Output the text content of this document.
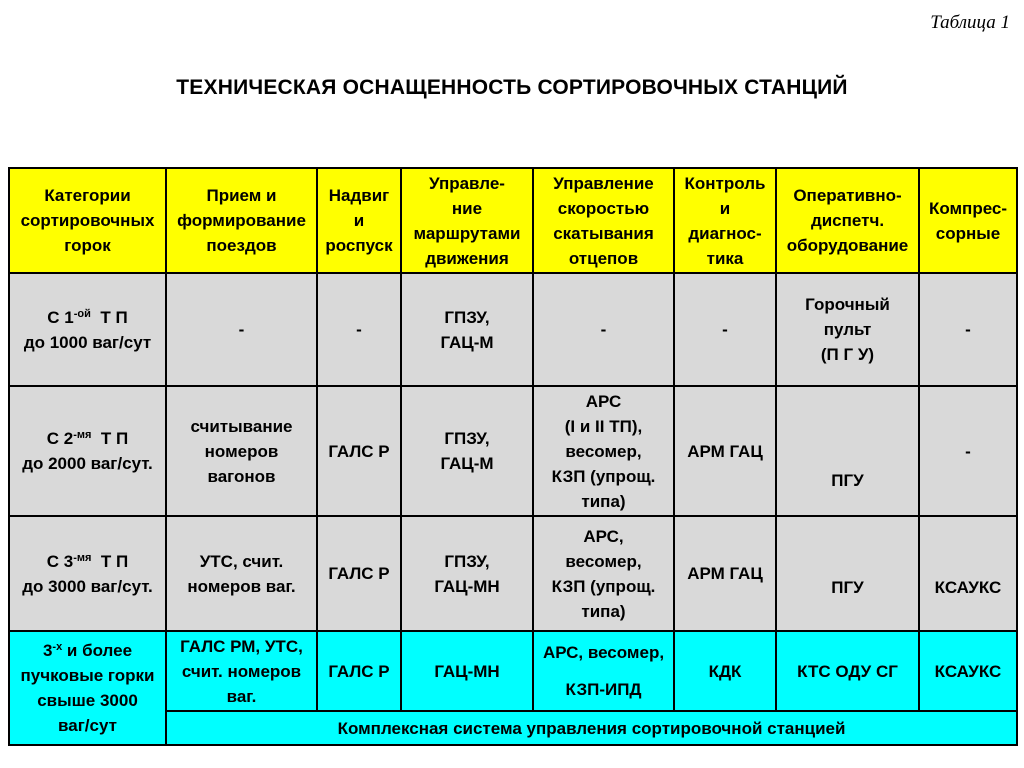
Таблица 1
ТЕХНИЧЕСКАЯ ОСНАЩЕННОСТЬ СОРТИРОВОЧНЫХ СТАНЦИЙ
Категории
сортировочных
горок	Прием и
формирование
поездов	Надвиг
и
роспуск	Управле-
ние
маршрутами
движения	Управление
скоростью
скатывания
отцепов	Контроль
и
диагнос-
тика	Оперативно-
диспетч.
оборудование	Компрес-
сорные
С $1^{-ой}$  Т П
до 1000 ваг/сут	-	-	ГПЗУ,
ГАЦ-М	-	-	Горочный
пульт
(П Г У)	-
С $2^{-мя}$  Т П
до 2000 ваг/сут.	считывание
номеров
вагонов	ГАЛС Р	ГПЗУ,
ГАЦ-М	АРС
(I и II ТП),
весомер,
КЗП (упрощ.
типа)	АРМ ГАЦ	ПГУ	-
С $3^{-мя}$  Т П
до 3000 ваг/сут.	УТС, счит.
номеров ваг.	ГАЛС Р	ГПЗУ,
ГАЦ-МН	АРС,
весомер,
КЗП (упрощ.
типа)	АРМ ГАЦ	ПГУ	КСАУКС
$3^{-х}$ и более
пучковые горки
свыше 3000
ваг/сут	ГАЛС РМ, УТС,
счит. номеров
ваг.	ГАЛС Р	ГАЦ-МН	АРС, весомер,
КЗП-ИПД	КДК	КТС ОДУ СГ	КСАУКС
	Комплексная система управления сортировочной станцией						
